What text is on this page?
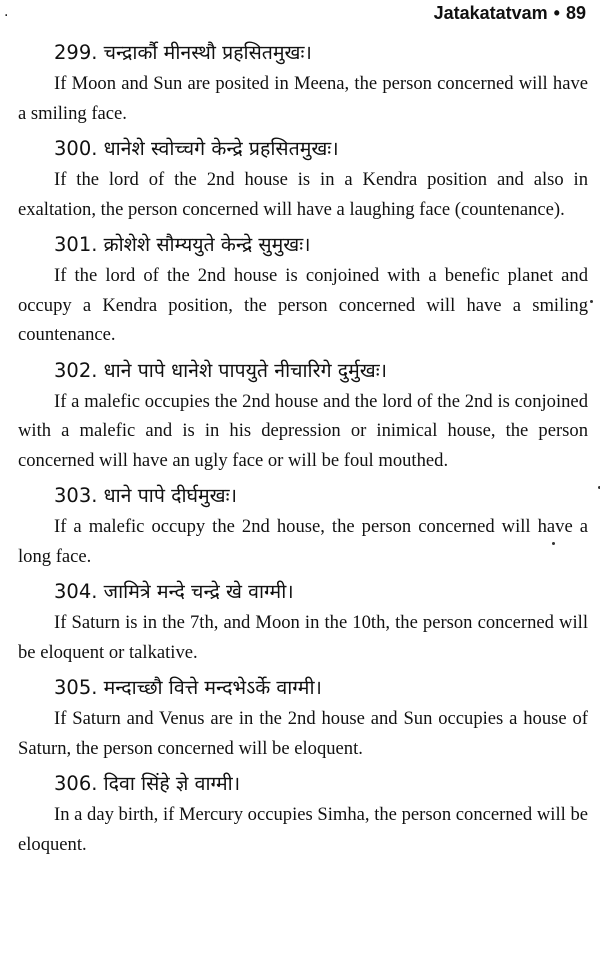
·	Jatakatatvam • 89
299. चन्द्रार्कौ मीनस्थौ प्रहसितमुखः।

If Moon and Sun are posited in Meena, the person concerned will have a smiling face.

300. धानेशे स्वोच्चगे केन्द्रे प्रहसितमुखः।

If the lord of the 2nd house is in a Kendra position and also in exaltation, the person concerned will have a laughing face (countenance).

301. क्रोशेशे सौम्ययुते केन्द्रे सुमुखः।

If the lord of the 2nd house is conjoined with a benefic planet and occupy a Kendra position, the person concerned will have a smiling countenance.

302. धाने पापे धानेशे पापयुते नीचारिगे दुर्मुखः।

If a malefic occupies the 2nd house and the lord of the 2nd is conjoined with a malefic and is in his depression or inimical house, the person concerned will have an ugly face or will be foul mouthed.

303. धाने पापे दीर्घमुखः।

If a malefic occupy the 2nd house, the person concerned will have a long face.

304. जामित्रे मन्दे चन्द्रे खे वाग्मी।

If Saturn is in the 7th, and Moon in the 10th, the person concerned will be eloquent or talkative.

305. मन्दाच्छौ वित्ते मन्दभेऽर्के वाग्मी।

If Saturn and Venus are in the 2nd house and Sun occupies a house of Saturn, the person concerned will be eloquent.

306. दिवा सिंहे ज्ञे वाग्मी।

In a day birth, if Mercury occupies Simha, the person concerned will be eloquent.
